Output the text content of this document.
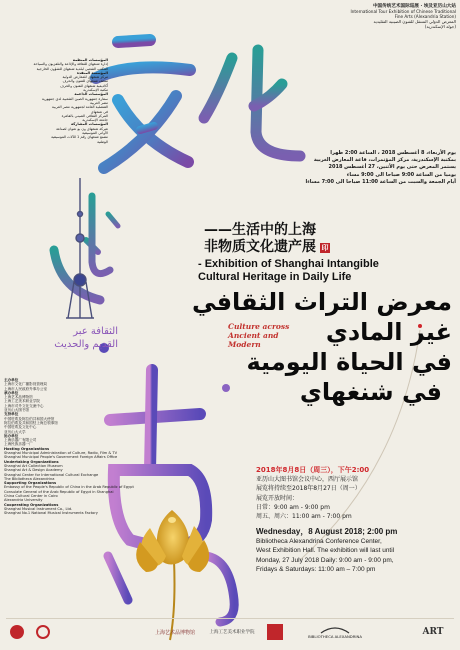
中国传统艺术国际巡展 · 埃及亚历山大站
International Tour Exhibition of Chinese Traditional
Fine Arts (Alexandria Station)
المعرض الدولي المتنقل للفنون الصينية التقليدية
(جولة الإسكندرية)
المؤسسات المنظمة
إدارة شنغهاي للثقافة والإذاعة والتلفزيون والسياحة
المكتب الشعبي لبلدية شنغهاي للشؤون الخارجية
المؤسسة المنفذة
مركز شنغهاي للمعارض الدولية
متحف شنغهاي للفنون والحرف
أكاديمية شنغهاي للفنون والحرف
مكتبة الإسكندرية
المؤسسات الداعمة
سفارة جمهورية الصين الشعبية لدى جمهورية
مصر العربية
القنصلية العامة لجمهورية مصر العربية
في شنغهاي
المركز الثقافي الصيني بالقاهرة
جامعة الإسكندرية
المؤسسات المشاركة
شركة شنغهاي ون يو شوان لصناعة
الأواني الموسيقية
مصنع شنغهاي رقم 1 للآلات الموسيقية
الوطنية
يوم الأربعاء، 8 أغسطس 2018 ، الساعة 2:00 ظهرا
بمكتبة الإسكندرية، مركز المؤتمرات، قاعة المعارض الغربية
يستمر المعرض حتى يوم الأثنين، 27 أغسطس 2018
يوميا من الساعة 9:00 صباحا الى 9:00 مساء
أيام الجمعة والسبت من الساعة 11:00 صباحا الى 7:00 مساءا
——生活中的上海
非物质文化遗产展 印
- Exhibition of Shanghai Intangible
Cultural Heritage in Daily Life
معرض التراث الثقافي
غير المادي
Culture across
Ancient and Modern
في الحياة اليومية
في شنغهاي
الثقافة عبر
القديم والحديث
主办单位
上海市文化广播影视管理局
上海市人民政府外事办公室
承办单位
上海艺术品博物馆
上海工艺美术职业学院
上海市对外文化交流中心
亚历山大图书馆
支持单位
中国驻埃及阿拉伯共和国大使馆
阿拉伯埃及共和国驻上海总领事馆
中国驻埃及文化中心
亚历山大大学
协办单位
上海乐器厂有限公司
上海民族乐器一厂
Hosting Organizations
Shanghai Municipal Administration of Culture, Radio, Film & TV
Shanghai Municipal People's Government Foreign Affairs Office
Undertaking Organizations
Shanghai Art Collection Museum
Shanghai Art & Design Academy
Shanghai Center for International Cultural Exchange
The Bibliotheca Alexandrina
Supporting Organizations
Embassy of the People's Republic of China in the Arab Republic of Egypt
Consulate General of the Arab Republic of Egypt in Shanghai
China Cultural Center in Cairo
Alexandria University
Cooperating Organizations
Shanghai Musical Instrument Co., Ltd.
Shanghai No.1 National Musical Instruments Factory
2018年8月8日（周三），下午2:00
亚历山大图书馆会议中心，西厅展示馆
展览将持续至2018年8月27日（周一）
展览开放时间：
日常：9:00 am - 9:00 pm
周五、周六：11:00 am - 7:00 pm
Wednesday，8 August 2018; 2:00 pm
Bibliotheca Alexandrina Conference Center,
West Exhibition Hall. The exhibition will last until
Monday, 27 July 2018 Daily: 9:00 am - 9:00 pm,
Fridays & Saturdays: 11:00 am – 7:00 pm
上海艺术品博物馆	上海工艺美术职业学院
BIBLIOTHECA ALEXANDRINA	ART
